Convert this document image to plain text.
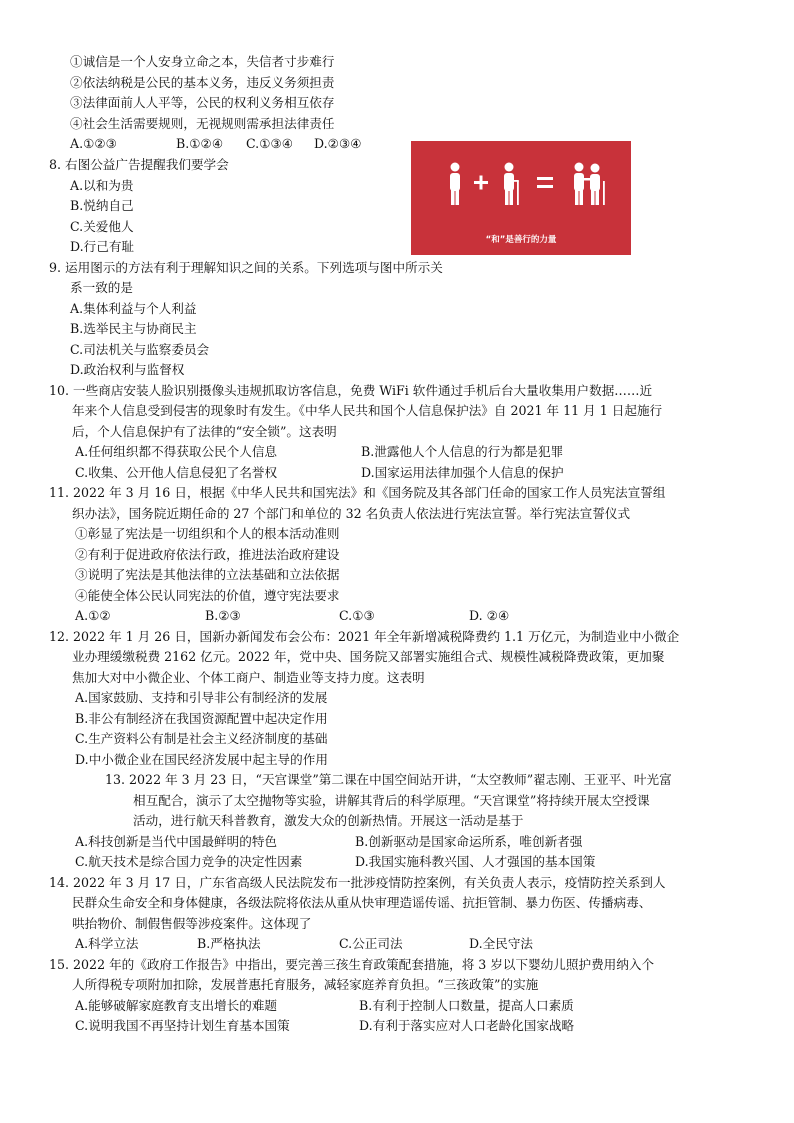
①诚信是一个人安身立命之本，失信者寸步难行
②依法纳税是公民的基本义务，违反义务须担责
③法律面前人人平等，公民的权利义务相互依存
④社会生活需要规则，无视规则需承担法律责任
A.①②③	B.①②④ C.①③④ D.②③④
8. 右图公益广告提醒我们要学会
A.以和为贵
B.悦纳自己
C.关爱他人
D.行己有耻	“和”是善行的力量
9. 运用图示的方法有利于理解知识之间的关系。下列选项与图中所示关
系一致的是
A.集体利益与个人利益
B.选举民主与协商民主
C.司法机关与监察委员会
D.政治权利与监督权
10. 一些商店安装人脸识别摄像头违规抓取访客信息，免费 WiFi 软件通过手机后台大量收集用户数据……近
年来个人信息受到侵害的现象时有发生。《中华人民共和国个人信息保护法》自 2021 年 11 月 1 日起施行
后，个人信息保护有了法律的“安全锁”。这表明
A.任何组织都不得获取公民个人信息	B.泄露他人个人信息的行为都是犯罪
C.收集、公开他人信息侵犯了名誉权	D.国家运用法律加强个人信息的保护
11. 2022 年 3 月 16 日，根据《中华人民共和国宪法》和《国务院及其各部门任命的国家工作人员宪法宣誓组
织办法》，国务院近期任命的 27 个部门和单位的 32 名负责人依法进行宪法宣誓。举行宪法宣誓仪式
①彰显了宪法是一切组织和个人的根本活动准则
②有利于促进政府依法行政，推进法治政府建设
③说明了宪法是其他法律的立法基础和立法依据
④能使全体公民认同宪法的价值，遵守宪法要求
A.①②	B.②③	C.①③	D. ②④
12. 2022 年 1 月 26 日，国新办新闻发布会公布：2021 年全年新增减税降费约 1.1 万亿元，为制造业中小微企
业办理缓缴税费 2162 亿元。2022 年，党中央、国务院又部署实施组合式、规模性减税降费政策，更加聚
焦加大对中小微企业、个体工商户、制造业等支持力度。这表明
A.国家鼓励、支持和引导非公有制经济的发展
B.非公有制经济在我国资源配置中起决定作用
C.生产资料公有制是社会主义经济制度的基础
D.中小微企业在国民经济发展中起主导的作用
13. 2022 年 3 月 23 日，“天宫课堂”第二课在中国空间站开讲，“太空教师”翟志刚、王亚平、叶光富
相互配合，演示了太空抛物等实验，讲解其背后的科学原理。“天宫课堂”将持续开展太空授课
活动，进行航天科普教育，激发大众的创新热情。开展这一活动是基于
A.科技创新是当代中国最鲜明的特色	B.创新驱动是国家命运所系，唯创新者强
C.航天技术是综合国力竞争的决定性因素	D.我国实施科教兴国、人才强国的基本国策
14. 2022 年 3 月 17 日，广东省高级人民法院发布一批涉疫情防控案例，有关负责人表示，疫情防控关系到人
民群众生命安全和身体健康，各级法院将依法从重从快审理造谣传谣、抗拒管制、暴力伤医、传播病毒、
哄抬物价、制假售假等涉疫案件。这体现了
A.科学立法	B.严格执法	C.公正司法	D.全民守法
15. 2022 年的《政府工作报告》中指出，要完善三孩生育政策配套措施，将 3 岁以下婴幼儿照护费用纳入个
人所得税专项附加扣除，发展普惠托育服务，减轻家庭养育负担。“三孩政策”的实施
A.能够破解家庭教育支出增长的难题	B.有利于控制人口数量，提高人口素质
C.说明我国不再坚持计划生育基本国策	D.有利于落实应对人口老龄化国家战略
